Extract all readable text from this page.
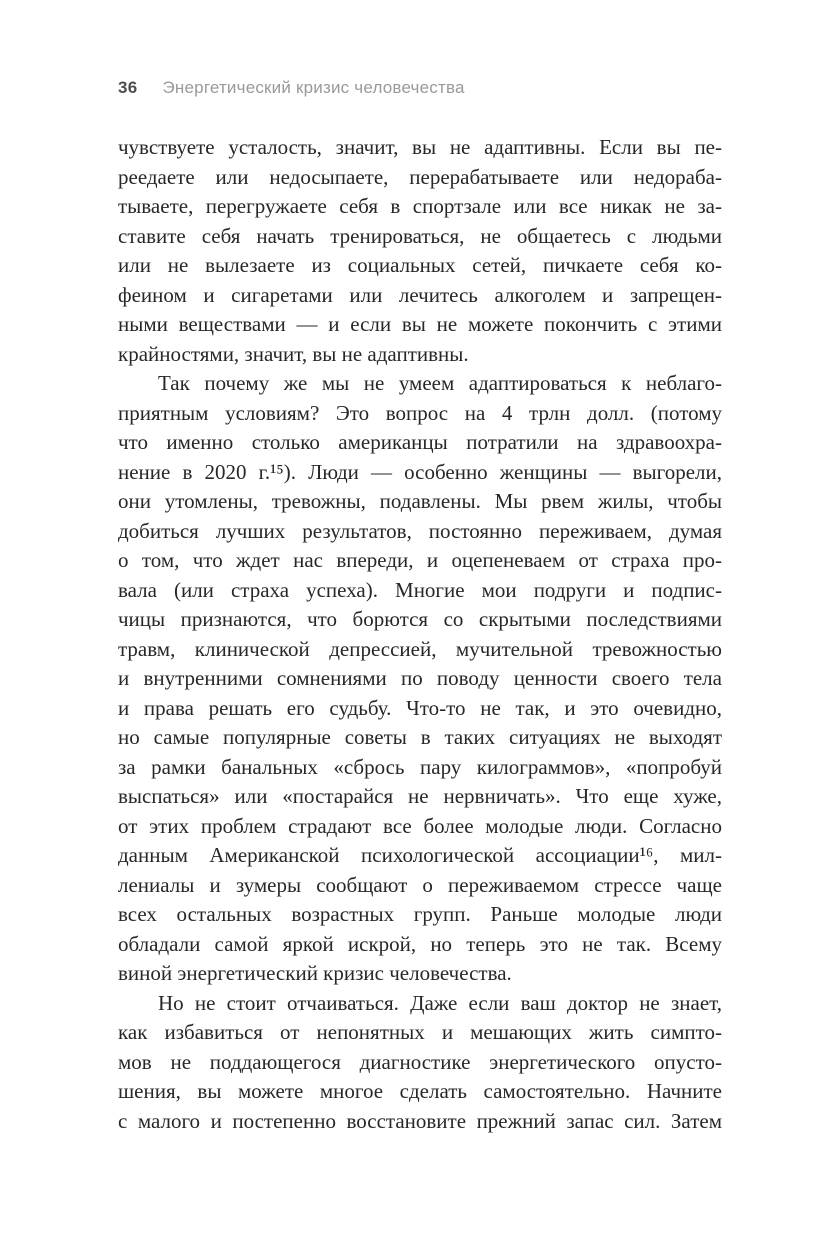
36 Энергетический кризис человечества
чувствуете усталость, значит, вы не адаптивны. Если вы пе-
реедаете или недосыпаете, перерабатываете или недораба-
тываете, перегружаете себя в спортзале или все никак не за-
ставите себя начать тренироваться, не общаетесь с людьми
или не вылезаете из социальных сетей, пичкаете себя ко-
феином и сигаретами или лечитесь алкоголем и запрещен-
ными веществами — и если вы не можете покончить с этими
крайностями, значит, вы не адаптивны.
Так почему же мы не умеем адаптироваться к неблаго-
приятным условиям? Это вопрос на 4 трлн долл. (потому
что именно столько американцы потратили на здравоохра-
нение в 2020 г.¹⁵). Люди — особенно женщины — выгорели,
они утомлены, тревожны, подавлены. Мы рвем жилы, чтобы
добиться лучших результатов, постоянно переживаем, думая
о том, что ждет нас впереди, и оцепеневаем от страха про-
вала (или страха успеха). Многие мои подруги и подпис-
чицы признаются, что борются со скрытыми последствиями
травм, клинической депрессией, мучительной тревожностью
и внутренними сомнениями по поводу ценности своего тела
и права решать его судьбу. Что-то не так, и это очевидно,
но самые популярные советы в таких ситуациях не выходят
за рамки банальных «сбрось пару килограммов», «попробуй
выспаться» или «постарайся не нервничать». Что еще хуже,
от этих проблем страдают все более молодые люди. Согласно
данным Американской психологической ассоциации¹⁶, мил-
лениалы и зумеры сообщают о переживаемом стрессе чаще
всех остальных возрастных групп. Раньше молодые люди
обладали самой яркой искрой, но теперь это не так. Всему
виной энергетический кризис человечества.
Но не стоит отчаиваться. Даже если ваш доктор не знает,
как избавиться от непонятных и мешающих жить симпто-
мов не поддающегося диагностике энергетического опусто-
шения, вы можете многое сделать самостоятельно. Начните
с малого и постепенно восстановите прежний запас сил. Затем
